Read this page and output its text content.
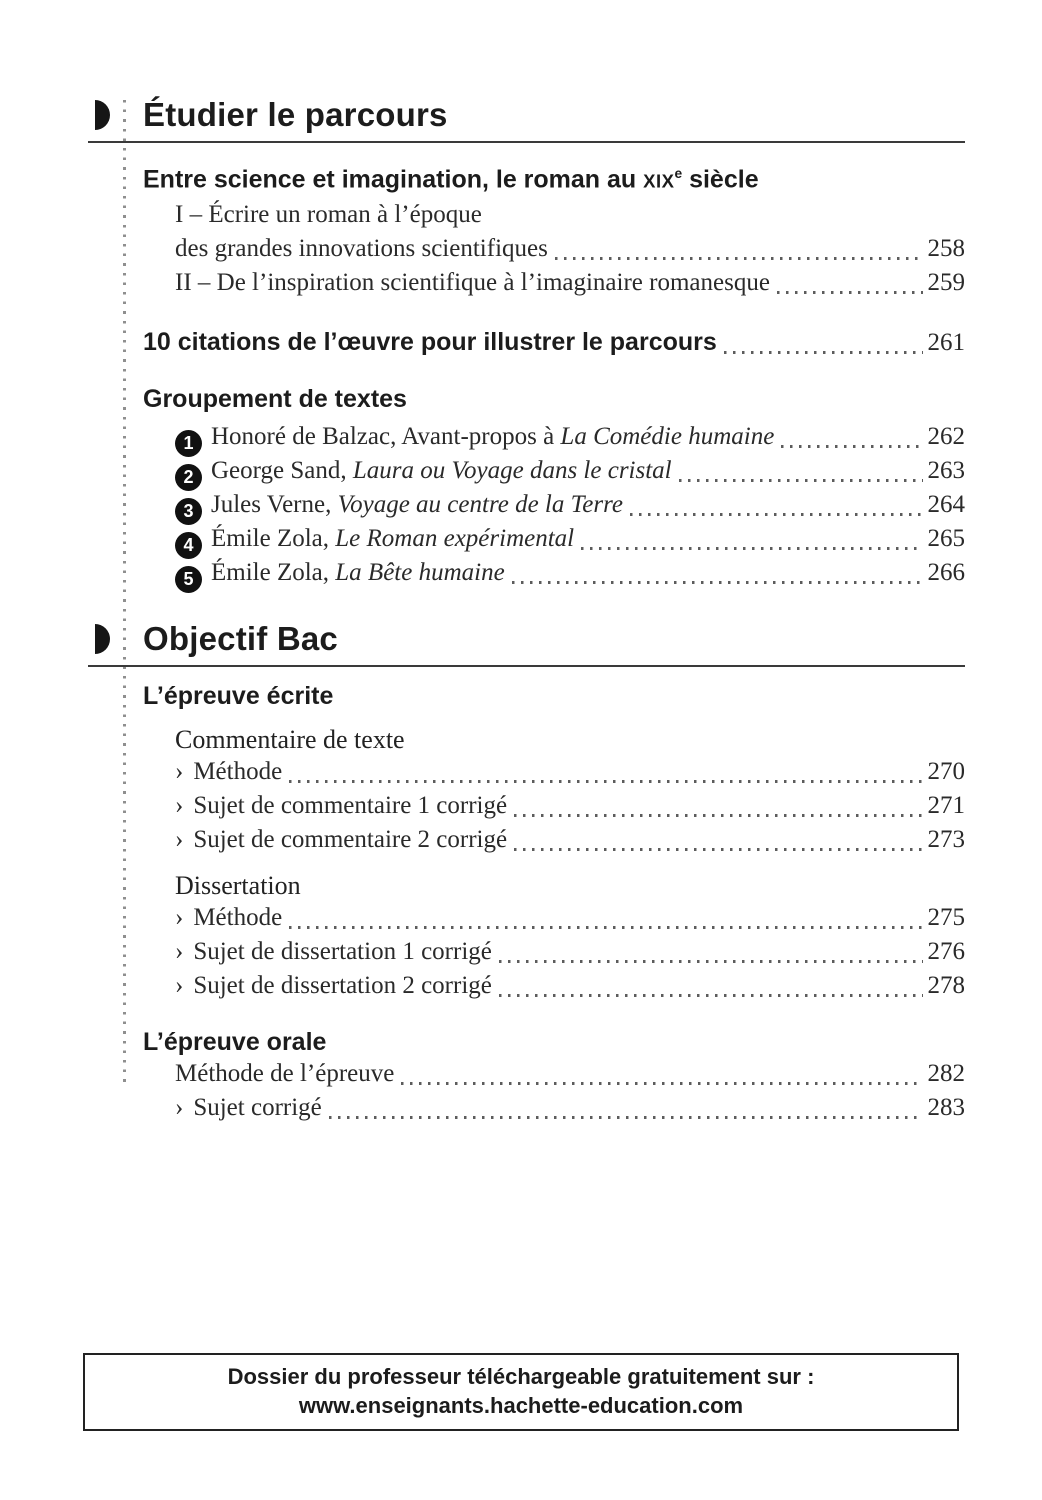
Étudier le parcours
Entre science et imagination, le roman au XIXe siècle
I – Écrire un roman à l’époque
des grandes innovations scientifiques	258
II – De l’inspiration scientifique à l’imaginaire romanesque	259
10 citations de l’œuvre pour illustrer le parcours	261
Groupement de textes
1 Honoré de Balzac, Avant-propos à La Comédie humaine	262
2 George Sand, Laura ou Voyage dans le cristal	263
3 Jules Verne, Voyage au centre de la Terre	264
4 Émile Zola, Le Roman expérimental	265
5 Émile Zola, La Bête humaine	266
Objectif Bac
L’épreuve écrite
Commentaire de texte
› Méthode	270
› Sujet de commentaire 1 corrigé	271
› Sujet de commentaire 2 corrigé	273
Dissertation
› Méthode	275
› Sujet de dissertation 1 corrigé	276
› Sujet de dissertation 2 corrigé	278
L’épreuve orale
Méthode de l’épreuve	282
› Sujet corrigé	283
Dossier du professeur téléchargeable gratuitement sur :
www.enseignants.hachette-education.com
